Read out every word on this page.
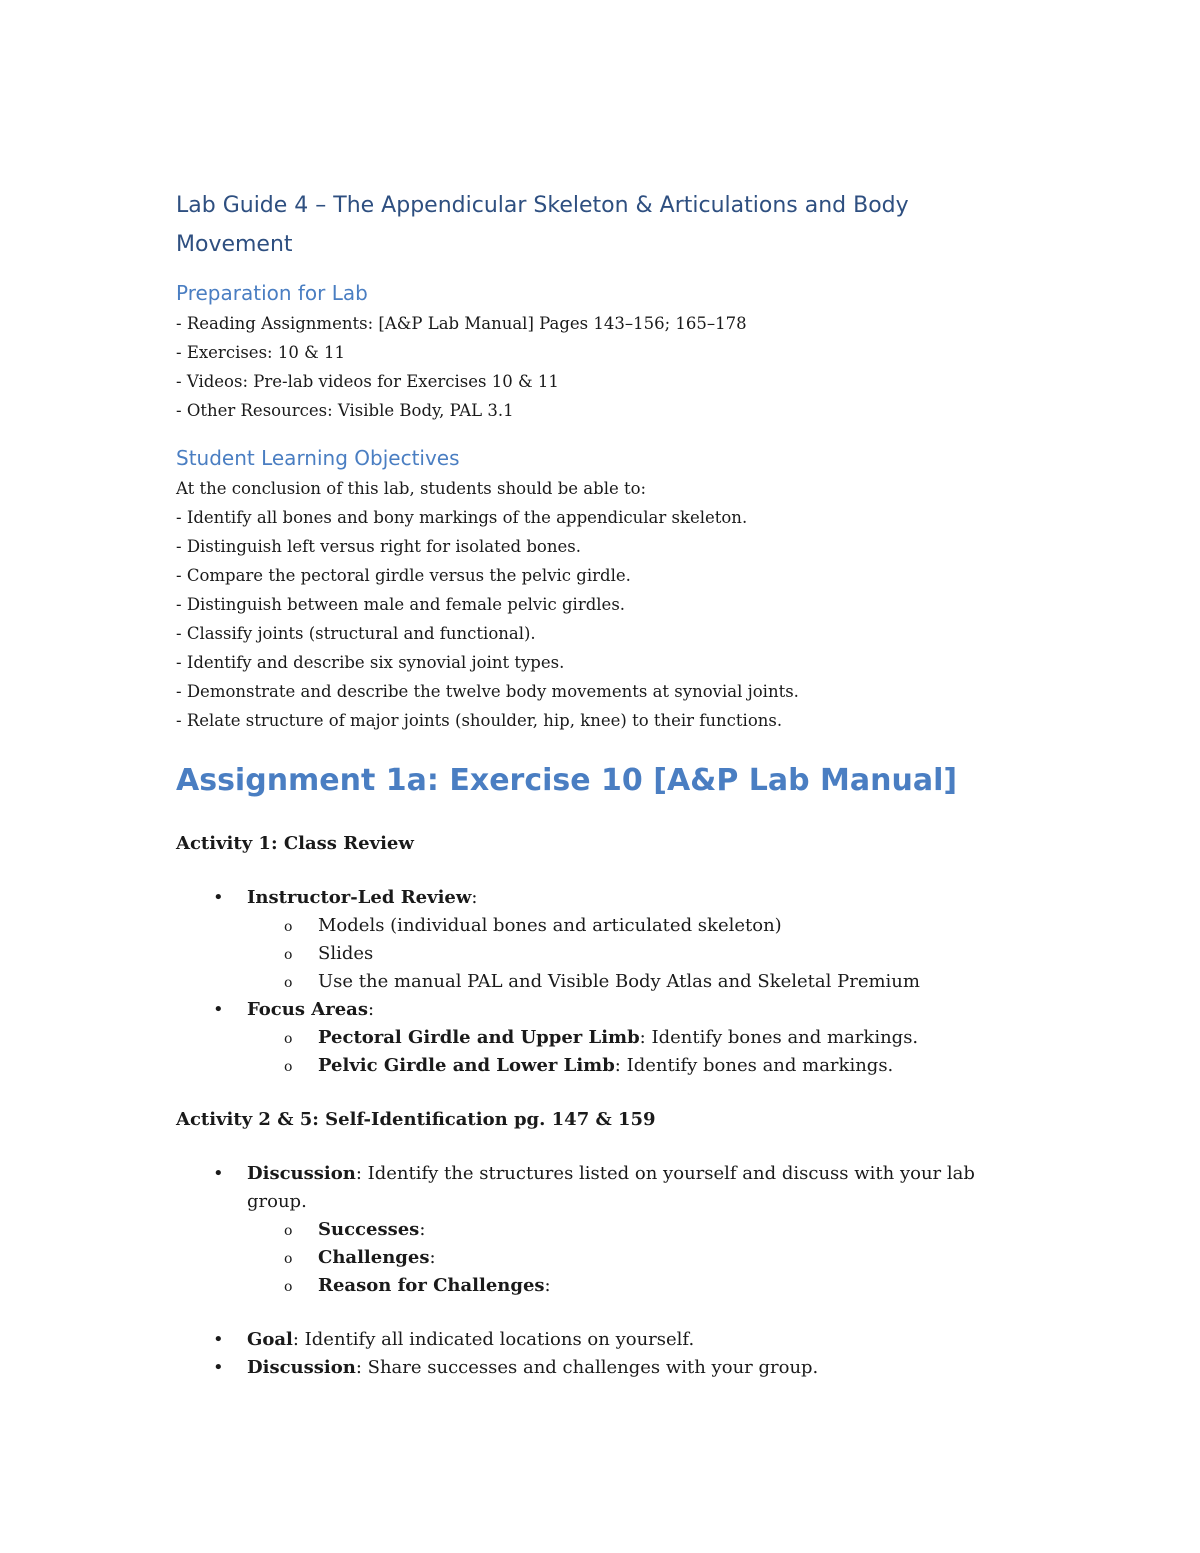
Lab Guide 4 – The Appendicular Skeleton & Articulations and Body Movement
Preparation for Lab
- Reading Assignments: [A&P Lab Manual] Pages 143–156; 165–178
- Exercises: 10 & 11
- Videos: Pre-lab videos for Exercises 10 & 11
- Other Resources: Visible Body, PAL 3.1
Student Learning Objectives
At the conclusion of this lab, students should be able to:
- Identify all bones and bony markings of the appendicular skeleton.
- Distinguish left versus right for isolated bones.
- Compare the pectoral girdle versus the pelvic girdle.
- Distinguish between male and female pelvic girdles.
- Classify joints (structural and functional).
- Identify and describe six synovial joint types.
- Demonstrate and describe the twelve body movements at synovial joints.
- Relate structure of major joints (shoulder, hip, knee) to their functions.
Assignment 1a: Exercise 10 [A&P Lab Manual]

Activity 1: Class Review

• Instructor-Led Review:
o Models (individual bones and articulated skeleton)
o Slides
o Use the manual PAL and Visible Body Atlas and Skeletal Premium
• Focus Areas:
o Pectoral Girdle and Upper Limb: Identify bones and markings.
o Pelvic Girdle and Lower Limb: Identify bones and markings.

Activity 2 & 5: Self-Identification pg. 147 & 159

• Discussion: Identify the structures listed on yourself and discuss with your lab group.
o Successes:
o Challenges:
o Reason for Challenges:
• Goal: Identify all indicated locations on yourself.
• Discussion: Share successes and challenges with your group.
